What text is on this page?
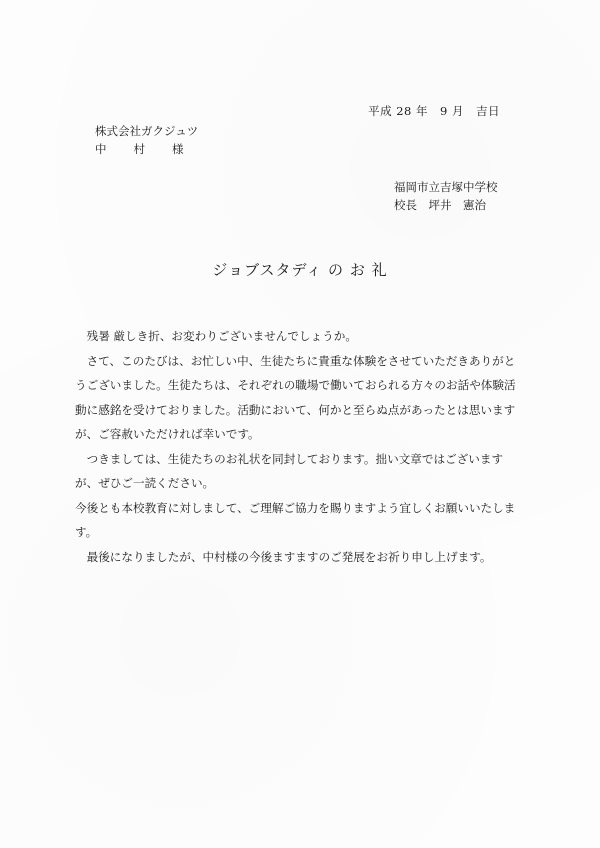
平成 28 年　9 月　吉日
株式会社ガクジュツ
中村様
福岡市立吉塚中学校
校長　坪井　憲治
ジョブスタディ の お 礼

残暑 厳しき折、お変わりございませんでしょうか。

さて、このたびは、お忙しい中、生徒たちに貴重な体験をさせていただきありがとうございました。生徒たちは、それぞれの職場で働いておられる方々のお話や体験活動に感銘を受けておりました。活動において、何かと至らぬ点があったとは思いますが、ご容赦いただければ幸いです。

つきましては、生徒たちのお礼状を同封しております。拙い文章ではございますが、ぜひご一読ください。

今後とも本校教育に対しまして、ご理解ご協力を賜りますよう宜しくお願いいたします。

最後になりましたが、中村様の今後ますますのご発展をお祈り申し上げます。
